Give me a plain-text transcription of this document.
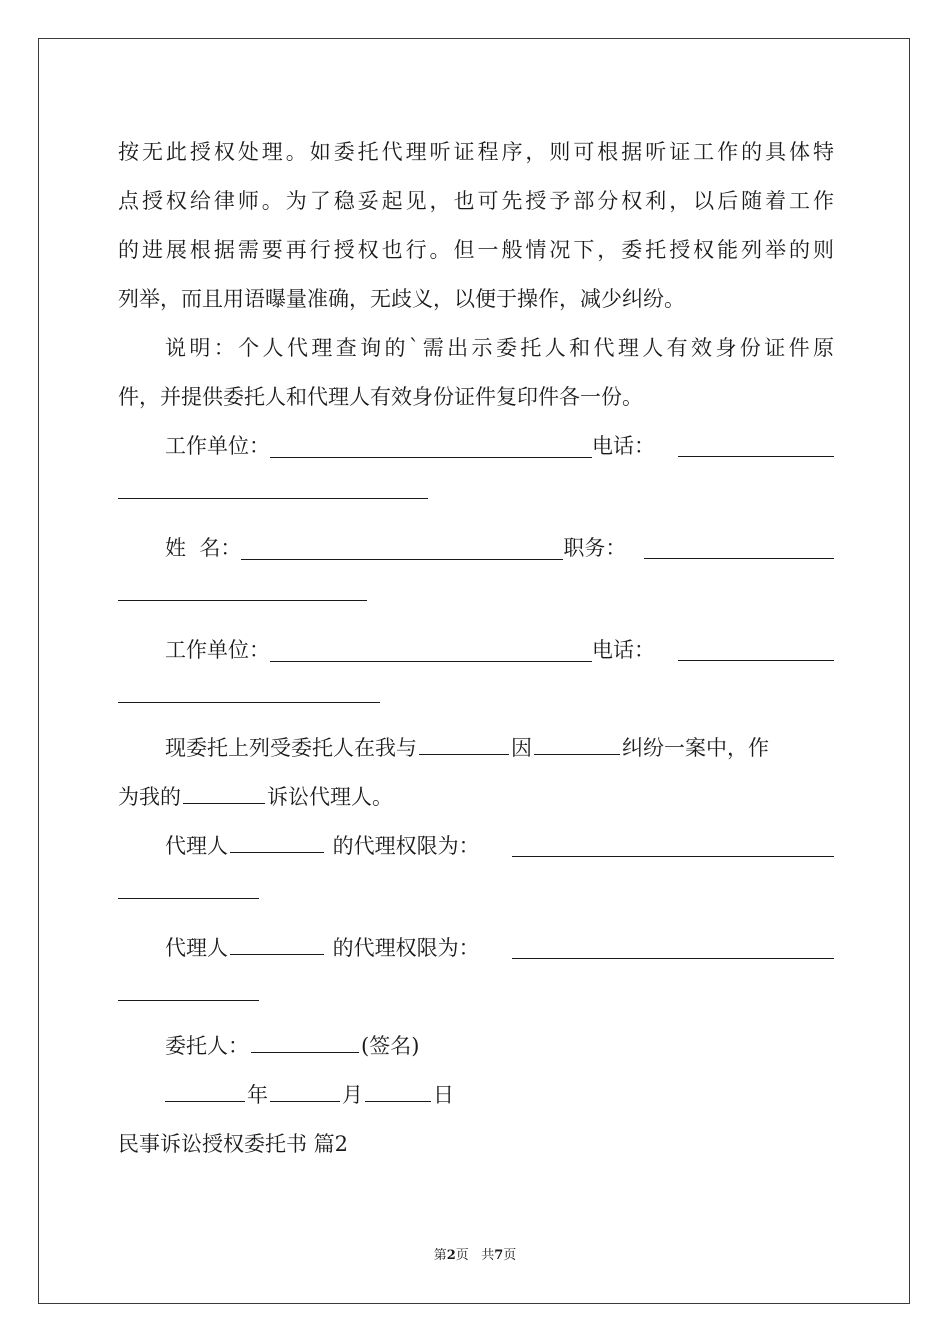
按无此授权处理。如委托代理听证程序，则可根据听证工作的具体特
点授权给律师。为了稳妥起见，也可先授予部分权利，以后随着工作
的进展根据需要再行授权也行。但一般情况下，委托授权能列举的则
列举，而且用语曝量准确，无歧义，以便于操作，减少纠纷。

说明：个人代理查询的`需出示委托人和代理人有效身份证件原
件，并提供委托人和代理人有效身份证件复印件各一份。

工作单位：	电话：
姓  名：	职务：
工作单位：	电话：
现委托上列受委托人在我与	因	纠纷一案中，作
为我的	诉讼代理人。
代理人	的代理权限为：
代理人	的代理权限为：
委托人：	(签名)
年	月	日
民事诉讼授权委托书 篇2
第2页 共7页
